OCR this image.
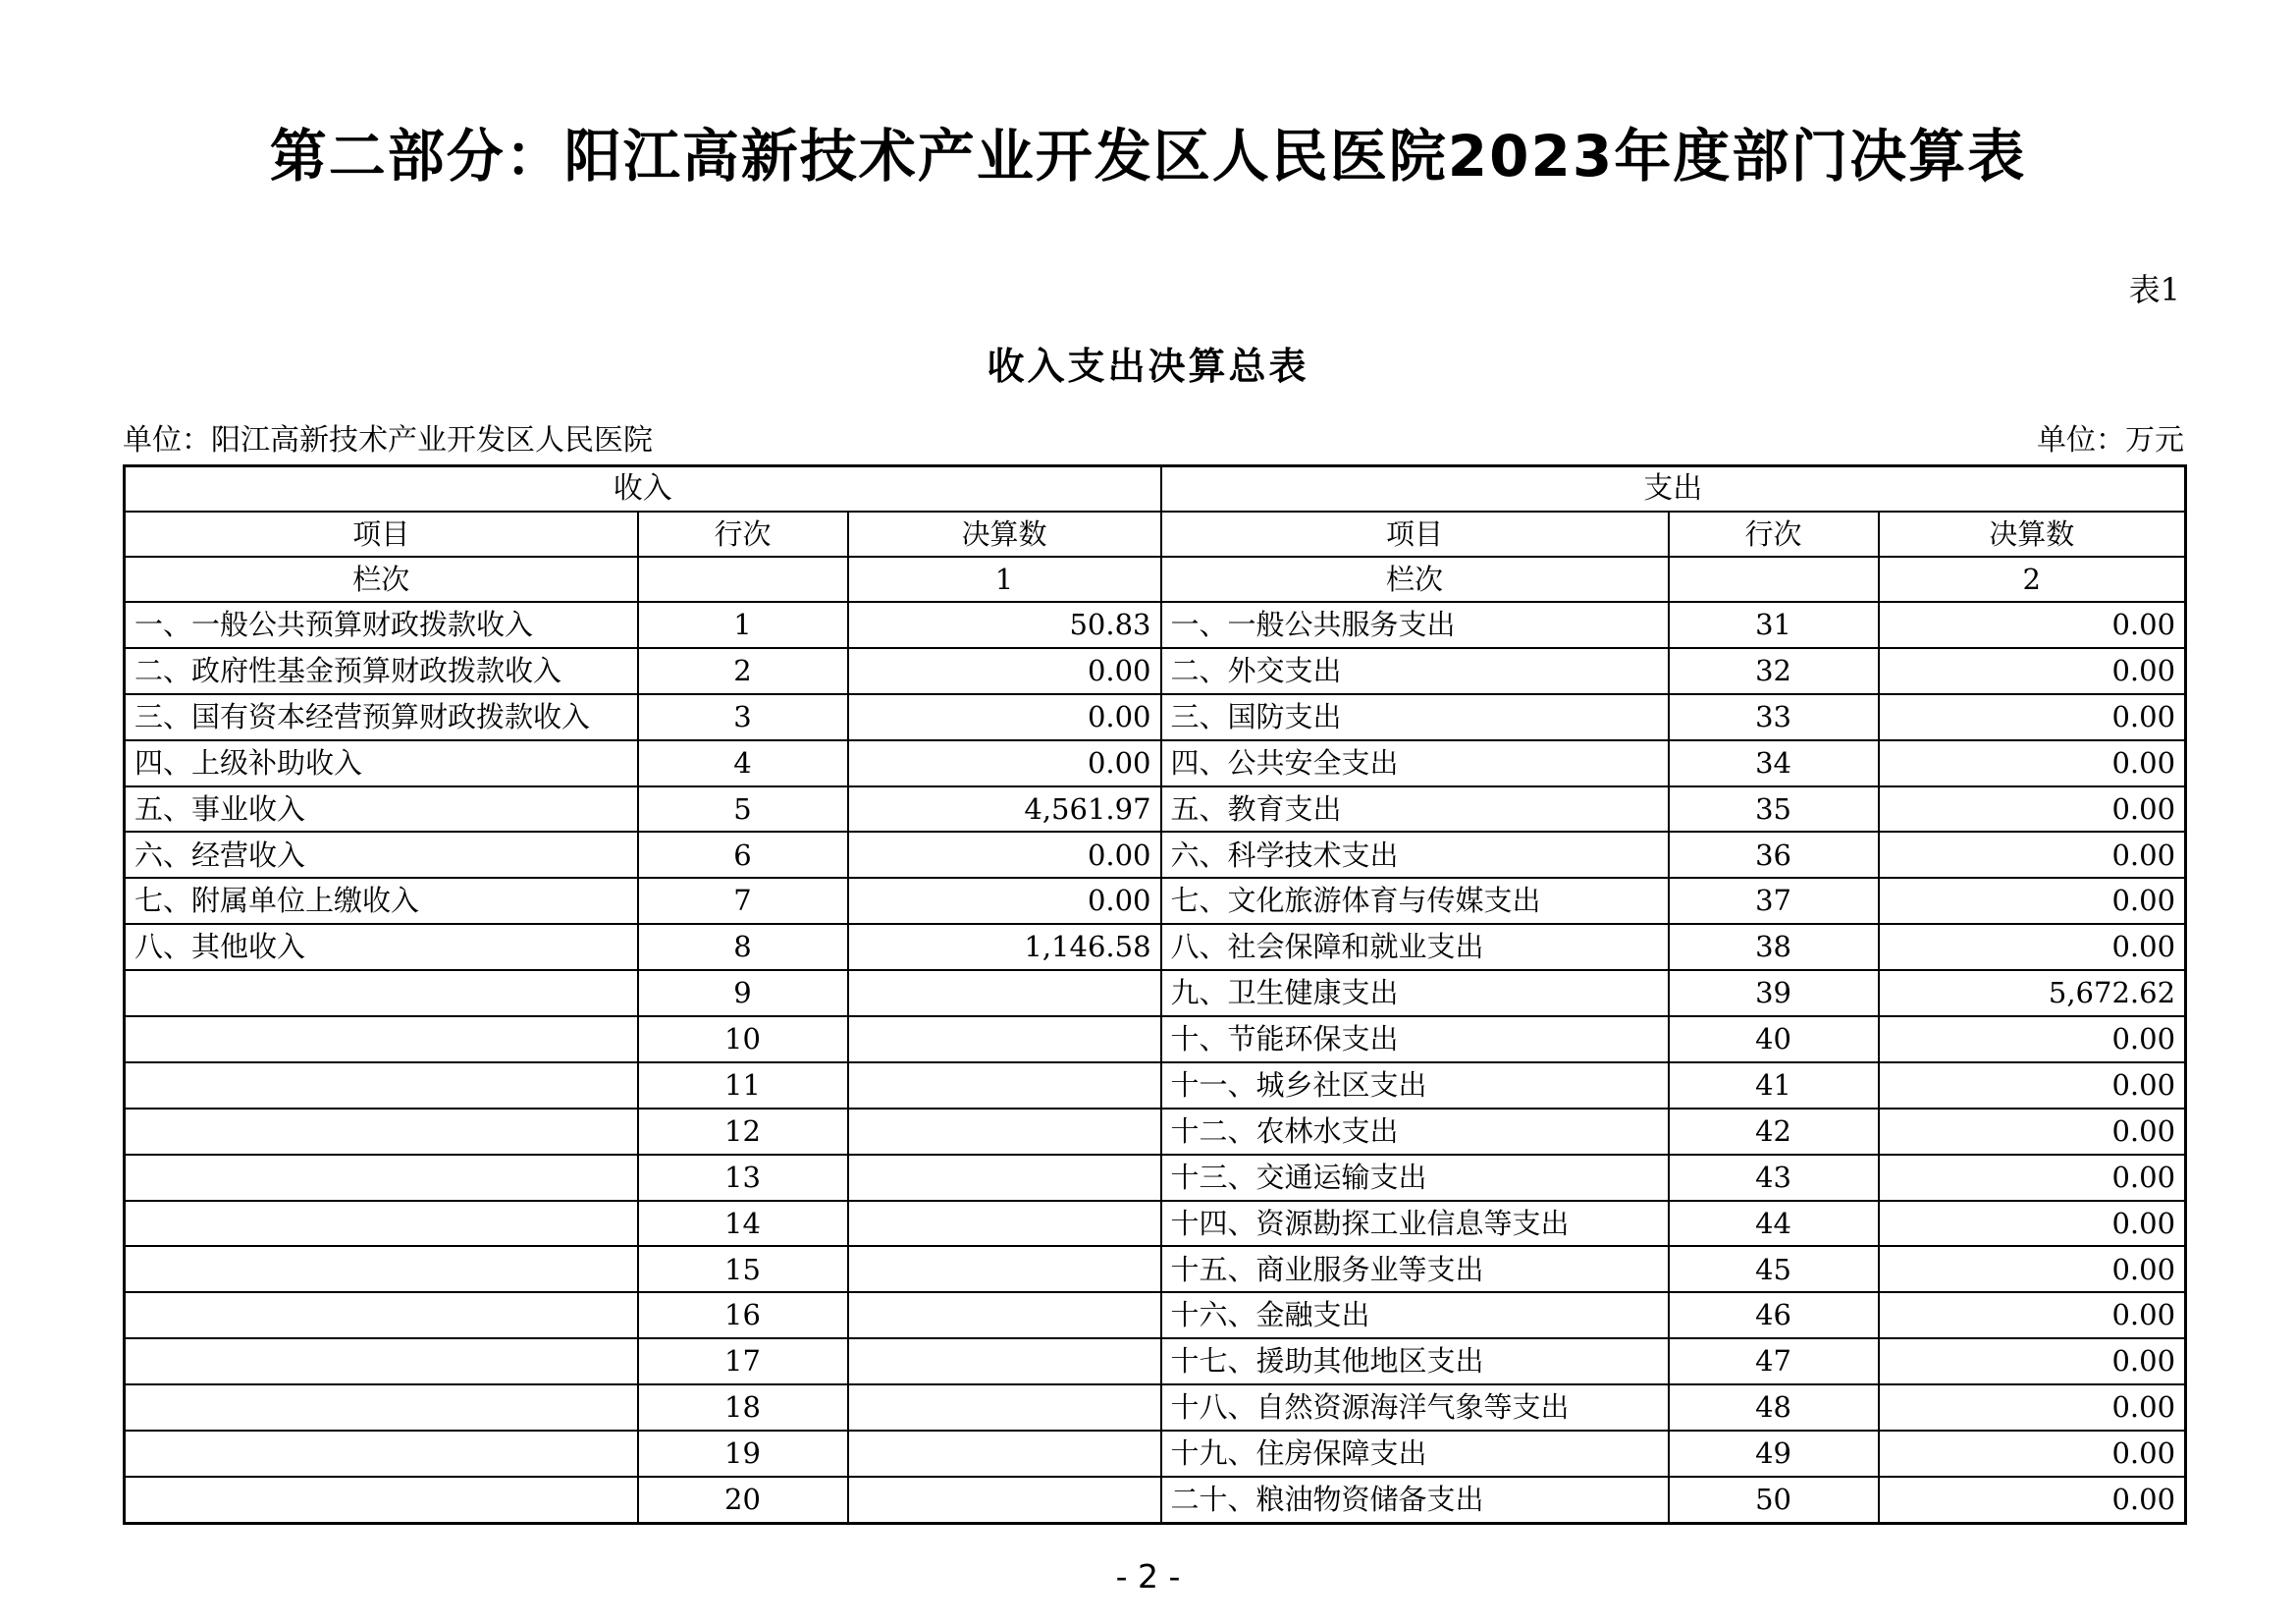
第二部分：阳江高新技术产业开发区人民医院2023年度部门决算表
表1
收入支出决算总表
单位：阳江高新技术产业开发区人民医院	单位：万元
收入			支出		
项目	行次	决算数	项目	行次	决算数
栏次		1	栏次		2
一、一般公共预算财政拨款收入	1	50.83	一、一般公共服务支出	31	0.00
二、政府性基金预算财政拨款收入	2	0.00	二、外交支出	32	0.00
三、国有资本经营预算财政拨款收入	3	0.00	三、国防支出	33	0.00
四、上级补助收入	4	0.00	四、公共安全支出	34	0.00
五、事业收入	5	4,561.97	五、教育支出	35	0.00
六、经营收入	6	0.00	六、科学技术支出	36	0.00
七、附属单位上缴收入	7	0.00	七、文化旅游体育与传媒支出	37	0.00
八、其他收入	8	1,146.58	八、社会保障和就业支出	38	0.00
	9		九、卫生健康支出	39	5,672.62
	10		十、节能环保支出	40	0.00
	11		十一、城乡社区支出	41	0.00
	12		十二、农林水支出	42	0.00
	13		十三、交通运输支出	43	0.00
	14		十四、资源勘探工业信息等支出	44	0.00
	15		十五、商业服务业等支出	45	0.00
	16		十六、金融支出	46	0.00
	17		十七、援助其他地区支出	47	0.00
	18		十八、自然资源海洋气象等支出	48	0.00
	19		十九、住房保障支出	49	0.00
	20		二十、粮油物资储备支出	50	0.00
- 2 -
